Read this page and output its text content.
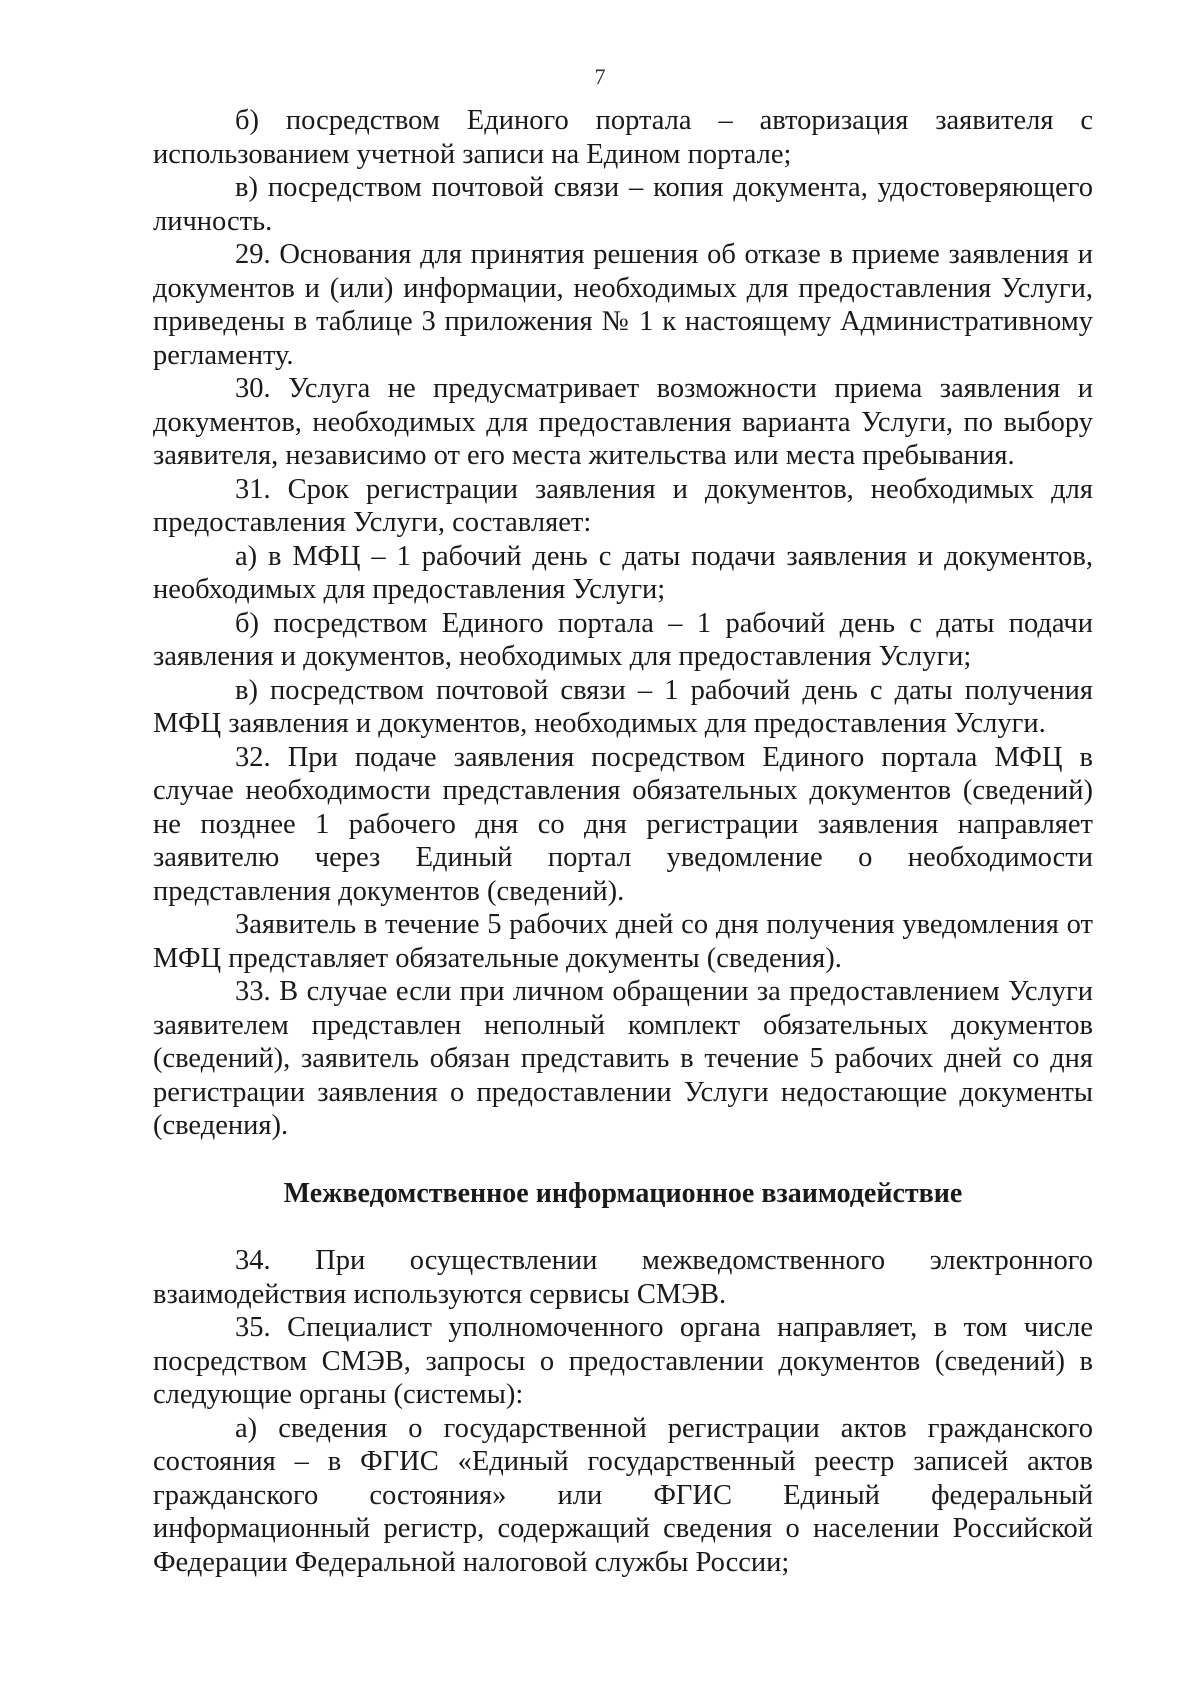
7

б) посредством Единого портала – авторизация заявителя с использованием учетной записи на Едином портале;

в) посредством почтовой связи – копия документа, удостоверяющего личность.

29. Основания для принятия решения об отказе в приеме заявления и документов и (или) информации, необходимых для предоставления Услуги, приведены в таблице 3 приложения № 1 к настоящему Административному регламенту.

30. Услуга не предусматривает возможности приема заявления и документов, необходимых для предоставления варианта Услуги, по выбору заявителя, независимо от его места жительства или места пребывания.

31. Срок регистрации заявления и документов, необходимых для предоставления Услуги, составляет:

а) в МФЦ – 1 рабочий день с даты подачи заявления и документов, необходимых для предоставления Услуги;

б) посредством Единого портала – 1 рабочий день с даты подачи заявления и документов, необходимых для предоставления Услуги;

в) посредством почтовой связи – 1 рабочий день с даты получения МФЦ заявления и документов, необходимых для предоставления Услуги.

32. При подаче заявления посредством Единого портала МФЦ в случае необходимости представления обязательных документов (сведений) не позднее 1 рабочего дня со дня регистрации заявления направляет заявителю через Единый портал уведомление о необходимости представления документов (сведений).

Заявитель в течение 5 рабочих дней со дня получения уведомления от МФЦ представляет обязательные документы (сведения).

33. В случае если при личном обращении за предоставлением Услуги заявителем представлен неполный комплект обязательных документов (сведений), заявитель обязан представить в течение 5 рабочих дней со дня регистрации заявления о предоставлении Услуги недостающие документы (сведения).

Межведомственное информационное взаимодействие

34. При осуществлении межведомственного электронного взаимодействия используются сервисы СМЭВ.

35. Специалист уполномоченного органа направляет, в том числе посредством СМЭВ, запросы о предоставлении документов (сведений) в следующие органы (системы):

а) сведения о государственной регистрации актов гражданского состояния – в ФГИС «Единый государственный реестр записей актов гражданского состояния» или ФГИС Единый федеральный информационный регистр, содержащий сведения о населении Российской Федерации Федеральной налоговой службы России;
